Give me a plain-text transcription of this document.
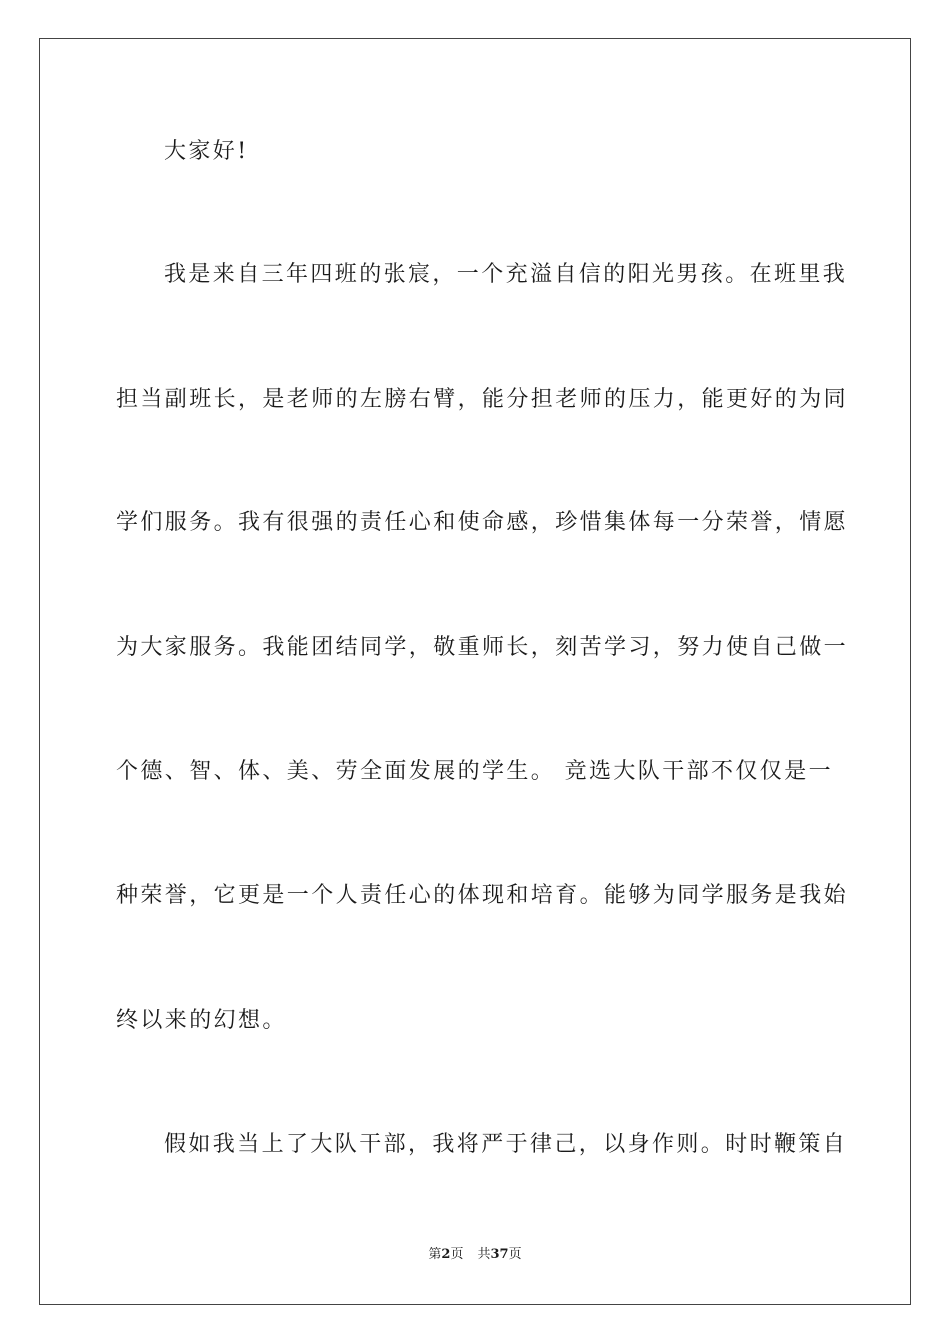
大家好!
我是来自三年四班的张宸，一个充溢自信的阳光男孩。在班里我
担当副班长，是老师的左膀右臂，能分担老师的压力，能更好的为同
学们服务。我有很强的责任心和使命感，珍惜集体每一分荣誉，情愿
为大家服务。我能团结同学，敬重师长，刻苦学习，努力使自己做一
个德、智、体、美、劳全面发展的学生。 竞选大队干部不仅仅是一
种荣誉，它更是一个人责任心的体现和培育。能够为同学服务是我始
终以来的幻想。
假如我当上了大队干部，我将严于律己，以身作则。时时鞭策自
第2页 共37页
